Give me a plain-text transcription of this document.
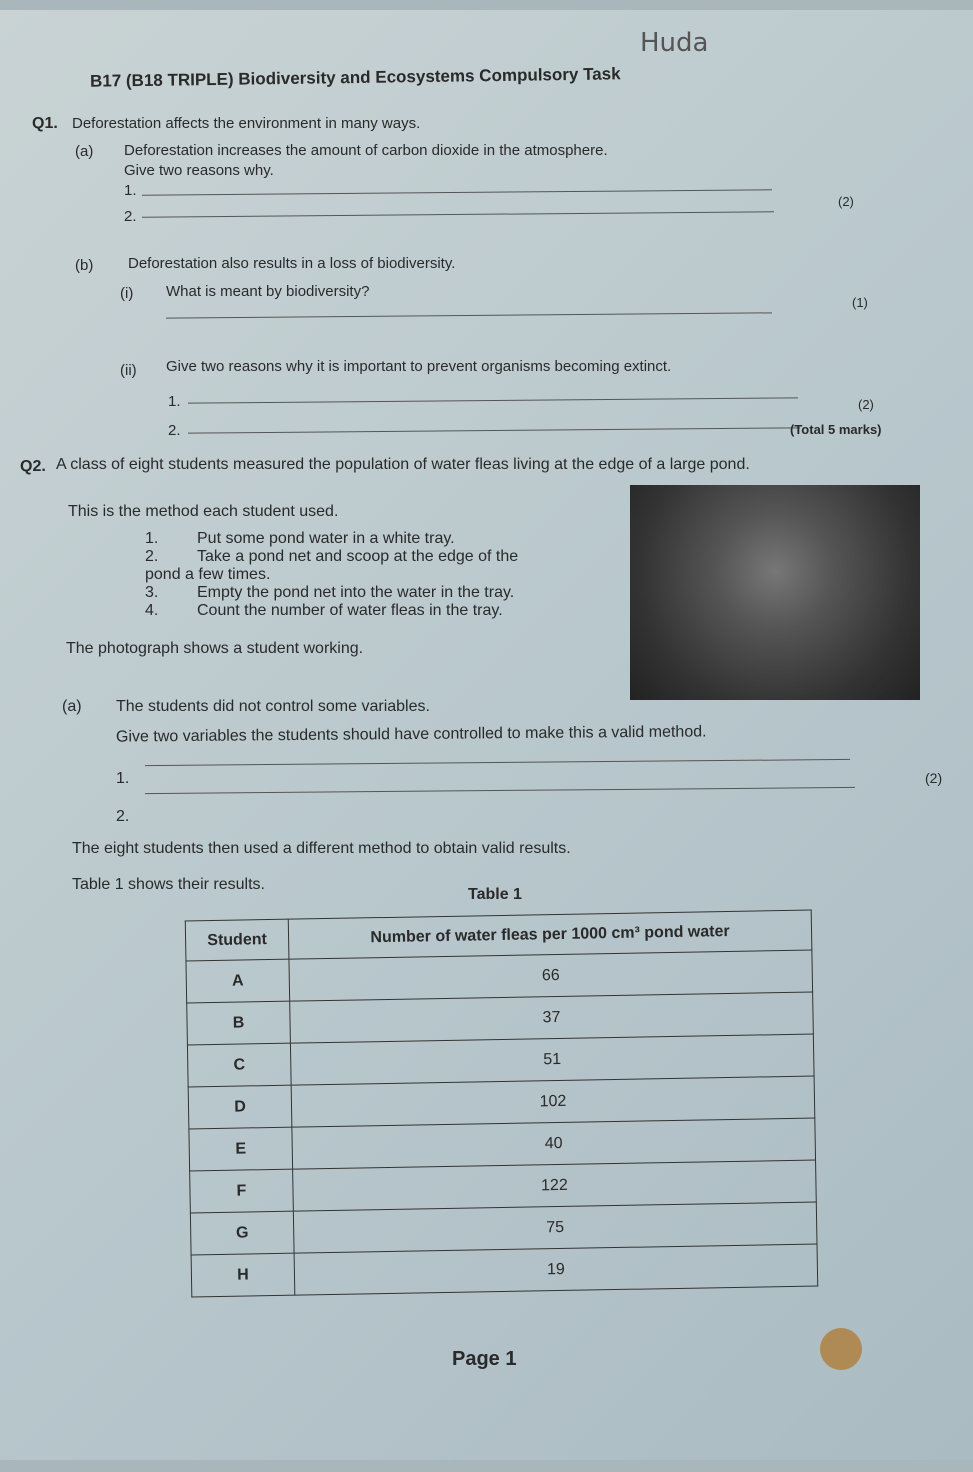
Huda
B17 (B18 TRIPLE) Biodiversity and Ecosystems Compulsory Task
Q1. Deforestation affects the environment in many ways.
(a) Deforestation increases the amount of carbon dioxide in the atmosphere.
Give two reasons why.
1.
2.
(2)
(b) Deforestation also results in a loss of biodiversity.
(i) What is meant by biodiversity?
(1)
(ii) Give two reasons why it is important to prevent organisms becoming extinct.
1.
2.
(2)
(Total 5 marks)
Q2. A class of eight students measured the population of water fleas living at the edge of a large pond.
This is the method each student used.
1. Put some pond water in a white tray.
2. Take a pond net and scoop at the edge of the
pond a few times.
3. Empty the pond net into the water in the tray.
4. Count the number of water fleas in the tray.
The photograph shows a student working.
(a) The students did not control some variables.
Give two variables the students should have controlled to make this a valid method.
1.
2.
(2)
The eight students then used a different method to obtain valid results.
Table 1 shows their results.
Table 1
Student	Number of water fleas per 1000 cm³ pond water
A	66
B	37
C	51
D	102
E	40
F	122
G	75
H	19
Page 1
